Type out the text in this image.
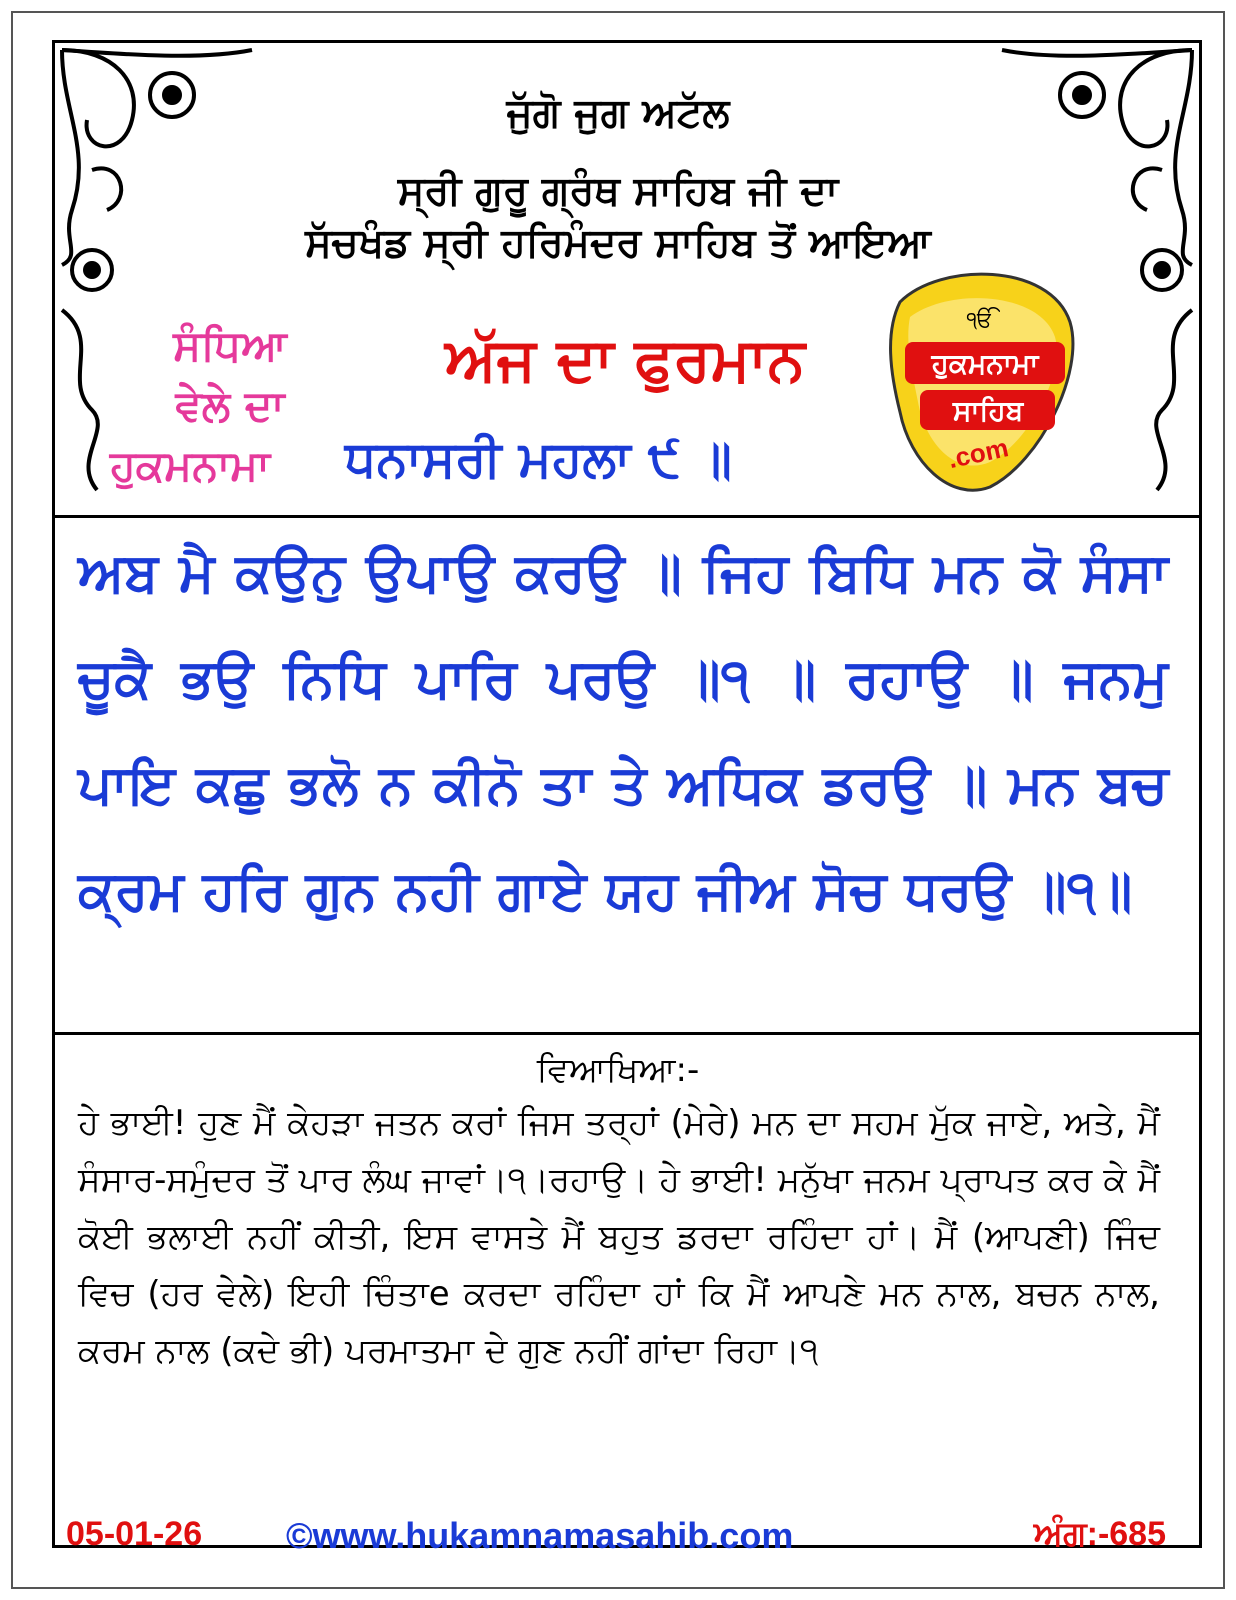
ਜੁੱਗੋ ਜੁਗ ਅਟੱਲ
ਸ੍ਰੀ ਗੁਰੂ ਗ੍ਰੰਥ ਸਾਹਿਬ ਜੀ ਦਾ
ਸੱਚਖੰਡ ਸ੍ਰੀ ਹਰਿਮੰਦਰ ਸਾਹਿਬ ਤੋਂ ਆਇਆ
ਸੰਧਿਆ
ਵੇਲੇ ਦਾ
ਹੁਕਮਨਾਮਾ
ਅੱਜ ਦਾ ਫੁਰਮਾਨ
ਧਨਾਸਰੀ ਮਹਲਾ ੯ ॥
ੴ
ਹੁਕਮਨਾਮਾ
ਸਾਹਿਬ
.com
ਅਬ ਮੈ ਕਉਨੁ ਉਪਾਉ ਕਰਉ ॥ ਜਿਹ ਬਿਧਿ ਮਨ ਕੋ ਸੰਸਾ ਚੂਕੈ ਭਉ ਨਿਧਿ ਪਾਰਿ ਪਰਉ ॥੧ ॥ ਰਹਾਉ ॥ ਜਨਮੁ ਪਾਇ ਕਛੁ ਭਲੋ ਨ ਕੀਨੋ ਤਾ ਤੇ ਅਧਿਕ ਡਰਉ ॥ ਮਨ ਬਚ ਕ੍ਰਮ ਹਰਿ ਗੁਨ ਨਹੀ ਗਾਏ ਯਹ ਜੀਅ ਸੋਚ ਧਰਉ ॥੧॥
ਵਿਆਖਿਆ:-
ਹੇ ਭਾਈ! ਹੁਣ ਮੈਂ ਕੇਹੜਾ ਜਤਨ ਕਰਾਂ ਜਿਸ ਤਰ੍ਹਾਂ (ਮੇਰੇ) ਮਨ ਦਾ ਸਹਮ ਮੁੱਕ ਜਾਏ, ਅਤੇ, ਮੈਂ ਸੰਸਾਰ-ਸਮੁੰਦਰ ਤੋਂ ਪਾਰ ਲੰਘ ਜਾਵਾਂ।੧।ਰਹਾਉ। ਹੇ ਭਾਈ! ਮਨੁੱਖਾ ਜਨਮ ਪ੍ਰਾਪਤ ਕਰ ਕੇ ਮੈਂ ਕੋਈ ਭਲਾਈ ਨਹੀਂ ਕੀਤੀ, ਇਸ ਵਾਸਤੇ ਮੈਂ ਬਹੁਤ ਡਰਦਾ ਰਹਿੰਦਾ ਹਾਂ। ਮੈਂ (ਆਪਣੀ) ਜਿੰਦ ਵਿਚ (ਹਰ ਵੇਲੇ) ਇਹੀ ਚਿੰਤਾe ਕਰਦਾ ਰਹਿੰਦਾ ਹਾਂ ਕਿ ਮੈਂ ਆਪਣੇ ਮਨ ਨਾਲ, ਬਚਨ ਨਾਲ, ਕਰਮ ਨਾਲ (ਕਦੇ ਭੀ) ਪਰਮਾਤਮਾ ਦੇ ਗੁਣ ਨਹੀਂ ਗਾਂਦਾ ਰਿਹਾ।੧
05-01-26 ©www.hukamnamasahib.com	ਅੰਗ:-685
